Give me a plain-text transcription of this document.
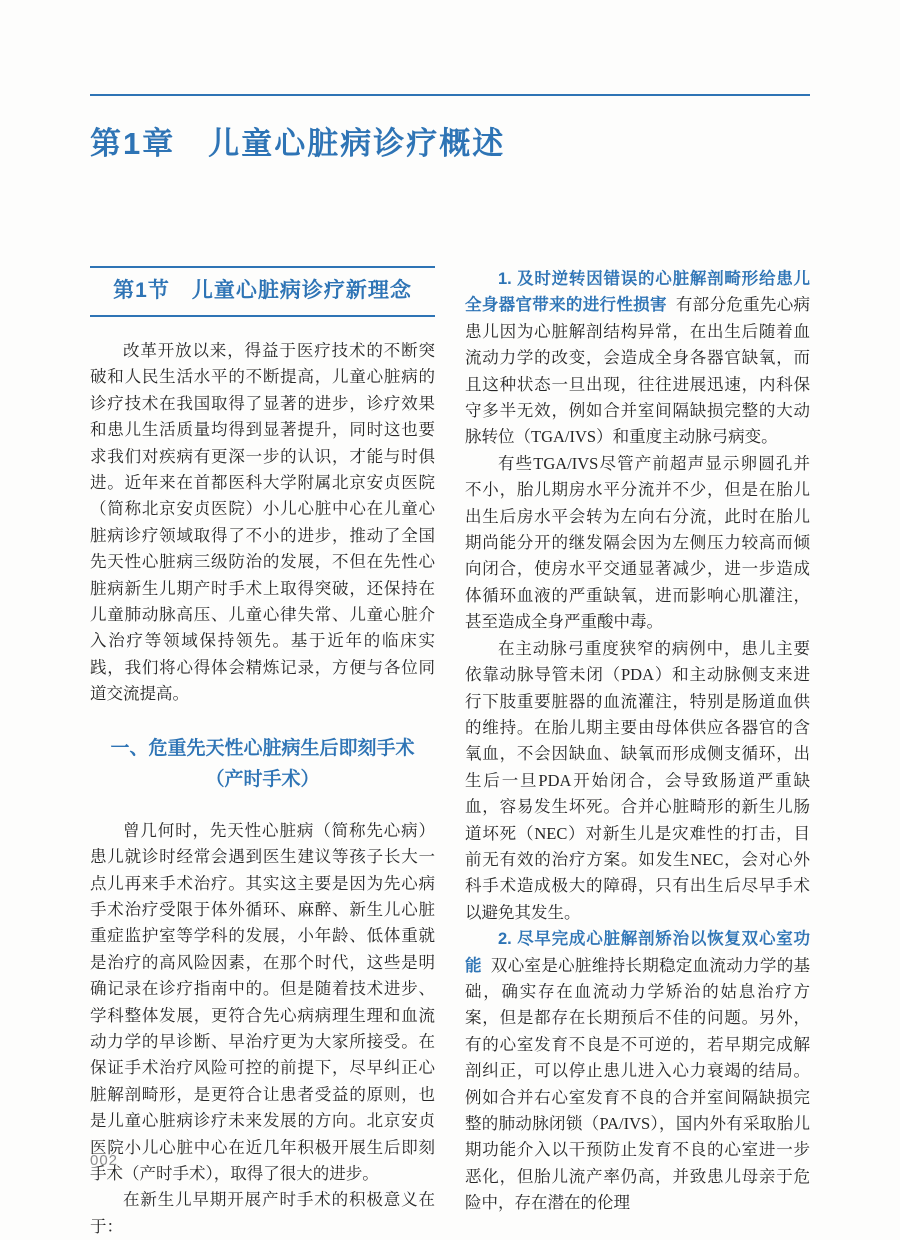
第1章　儿童心脏病诊疗概述
第1节　儿童心脏病诊疗新理念

改革开放以来，得益于医疗技术的不断突破和人民生活水平的不断提高，儿童心脏病的诊疗技术在我国取得了显著的进步，诊疗效果和患儿生活质量均得到显著提升，同时这也要求我们对疾病有更深一步的认识，才能与时俱进。近年来在首都医科大学附属北京安贞医院（简称北京安贞医院）小儿心脏中心在儿童心脏病诊疗领域取得了不小的进步，推动了全国先天性心脏病三级防治的发展，不但在先性心脏病新生儿期产时手术上取得突破，还保持在儿童肺动脉高压、儿童心律失常、儿童心脏介入治疗等领域保持领先。基于近年的临床实践，我们将心得体会精炼记录，方便与各位同道交流提高。

一、危重先天性心脏病生后即刻手术（产时手术）

曾几何时，先天性心脏病（简称先心病）患儿就诊时经常会遇到医生建议等孩子长大一点儿再来手术治疗。其实这主要是因为先心病手术治疗受限于体外循环、麻醉、新生儿心脏重症监护室等学科的发展，小年龄、低体重就是治疗的高风险因素，在那个时代，这些是明确记录在诊疗指南中的。但是随着技术进步、学科整体发展，更符合先心病病理生理和血流动力学的早诊断、早治疗更为大家所接受。在保证手术治疗风险可控的前提下，尽早纠正心脏解剖畸形，是更符合让患者受益的原则，也是儿童心脏病诊疗未来发展的方向。北京安贞医院小儿心脏中心在近几年积极开展生后即刻手术（产时手术），取得了很大的进步。

在新生儿早期开展产时手术的积极意义在于：

1. 及时逆转因错误的心脏解剖畸形给患儿全身器官带来的进行性损害 有部分危重先心病患儿因为心脏解剖结构异常，在出生后随着血流动力学的改变，会造成全身各器官缺氧，而且这种状态一旦出现，往往进展迅速，内科保守多半无效，例如合并室间隔缺损完整的大动脉转位（TGA/IVS）和重度主动脉弓病变。

有些TGA/IVS尽管产前超声显示卵圆孔并不小，胎儿期房水平分流并不少，但是在胎儿出生后房水平会转为左向右分流，此时在胎儿期尚能分开的继发隔会因为左侧压力较高而倾向闭合，使房水平交通显著减少，进一步造成体循环血液的严重缺氧，进而影响心肌灌注，甚至造成全身严重酸中毒。

在主动脉弓重度狭窄的病例中，患儿主要依靠动脉导管未闭（PDA）和主动脉侧支来进行下肢重要脏器的血流灌注，特别是肠道血供的维持。在胎儿期主要由母体供应各器官的含氧血，不会因缺血、缺氧而形成侧支循环，出生后一旦PDA开始闭合，会导致肠道严重缺血，容易发生坏死。合并心脏畸形的新生儿肠道坏死（NEC）对新生儿是灾难性的打击，目前无有效的治疗方案。如发生NEC，会对心外科手术造成极大的障碍，只有出生后尽早手术以避免其发生。

2. 尽早完成心脏解剖矫治以恢复双心室功能 双心室是心脏维持长期稳定血流动力学的基础，确实存在血流动力学矫治的姑息治疗方案，但是都存在长期预后不佳的问题。另外，有的心室发育不良是不可逆的，若早期完成解剖纠正，可以停止患儿进入心力衰竭的结局。例如合并右心室发育不良的合并室间隔缺损完整的肺动脉闭锁（PA/IVS），国内外有采取胎儿期功能介入以干预防止发育不良的心室进一步恶化，但胎儿流产率仍高，并致患儿母亲于危险中，存在潜在的伦理

002
